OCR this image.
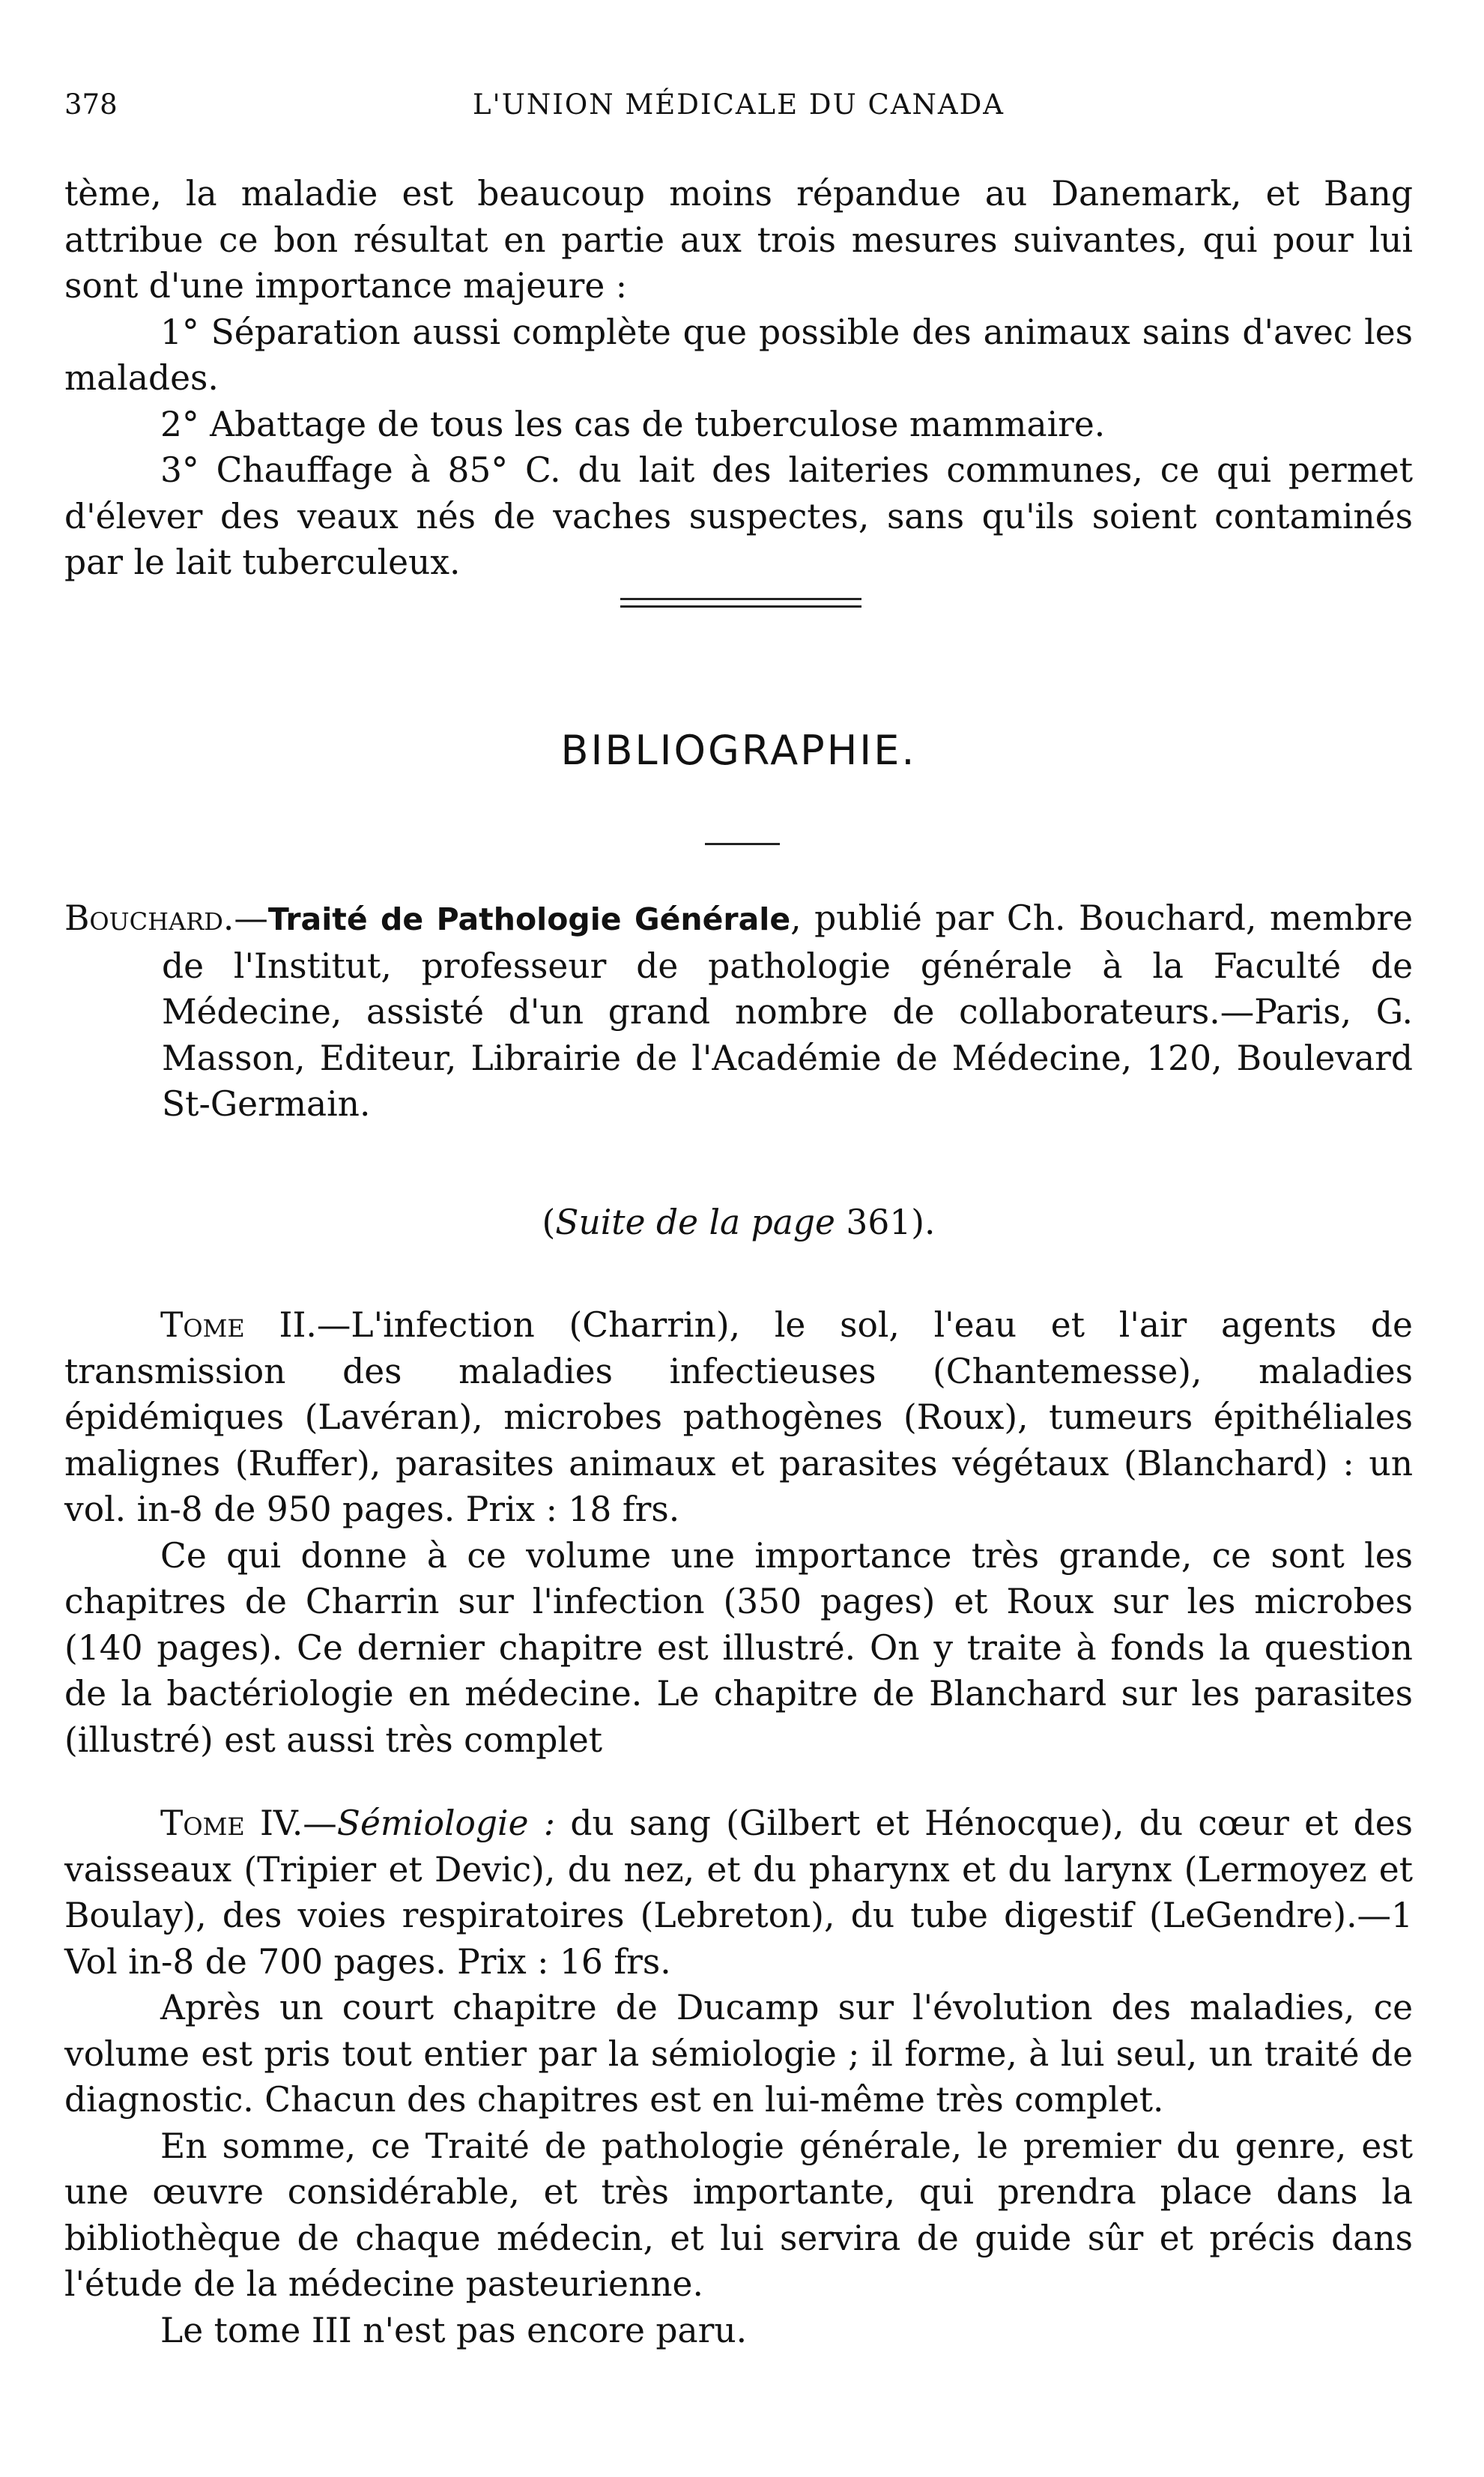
378	L'UNION MÉDICALE DU CANADA

tème, la maladie est beaucoup moins répandue au Danemark, et Bang attribue ce bon résultat en partie aux trois mesures suivantes, qui pour lui sont d'une importance majeure :

1° Séparation aussi complète que possible des animaux sains d'avec les malades.

2° Abattage de tous les cas de tuberculose mammaire.

3° Chauffage à 85° C. du lait des laiteries communes, ce qui permet d'élever des veaux nés de vaches suspectes, sans qu'ils soient contaminés par le lait tuberculeux.

BIBLIOGRAPHIE.

Bouchard.—Traité de Pathologie Générale, publié par Ch. Bouchard, membre de l'Institut, professeur de pathologie générale à la Faculté de Médecine, assisté d'un grand nombre de collaborateurs.—Paris, G. Masson, Editeur, Librairie de l'Académie de Médecine, 120, Boulevard St-Germain.

(Suite de la page 361).

Tome II.—L'infection (Charrin), le sol, l'eau et l'air agents de transmission des maladies infectieuses (Chantemesse), maladies épidémiques (Lavéran), microbes pathogènes (Roux), tumeurs épithéliales malignes (Ruffer), parasites animaux et parasites végétaux (Blanchard) : un vol. in-8 de 950 pages. Prix : 18 frs.

Ce qui donne à ce volume une importance très grande, ce sont les chapitres de Charrin sur l'infection (350 pages) et Roux sur les microbes (140 pages). Ce dernier chapitre est illustré. On y traite à fonds la question de la bactériologie en médecine. Le chapitre de Blanchard sur les parasites (illustré) est aussi très complet

Tome IV.—Sémiologie : du sang (Gilbert et Hénocque), du cœur et des vaisseaux (Tripier et Devic), du nez, et du pharynx et du larynx (Lermoyez et Boulay), des voies respiratoires (Lebreton), du tube digestif (LeGendre).—1 Vol in-8 de 700 pages. Prix : 16 frs.

Après un court chapitre de Ducamp sur l'évolution des maladies, ce volume est pris tout entier par la sémiologie ; il forme, à lui seul, un traité de diagnostic. Chacun des chapitres est en lui-même très complet.

En somme, ce Traité de pathologie générale, le premier du genre, est une œuvre considérable, et très importante, qui prendra place dans la bibliothèque de chaque médecin, et lui servira de guide sûr et précis dans l'étude de la médecine pasteurienne.

Le tome III n'est pas encore paru.
